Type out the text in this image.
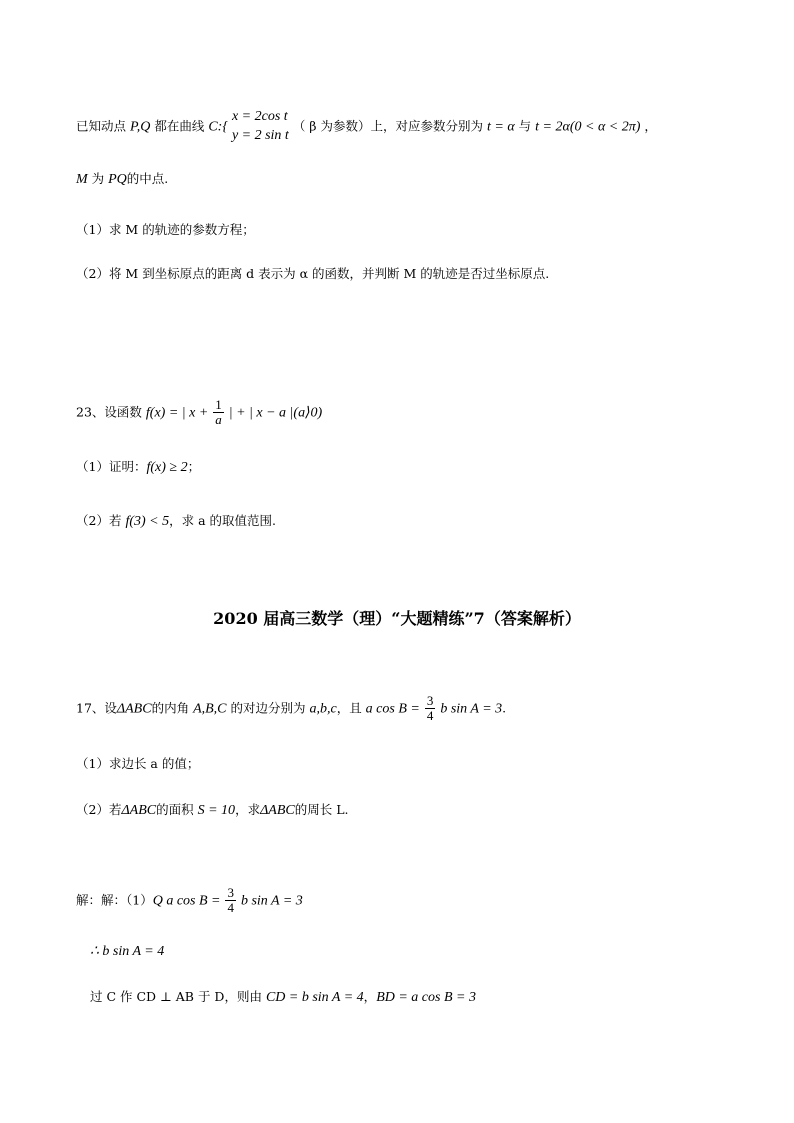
已知动点 P,Q 都在曲线 C:{
x = 2cos t
y = 2 sin t
（ β 为参数）上，对应参数分别为 t = α 与 t = 2α(0 < α < 2π) ，
M 为 PQ的中点.
（1）求 M 的轨迹的参数方程；
（2）将 M 到坐标原点的距离 d 表示为 α 的函数，并判断 M 的轨迹是否过坐标原点.
23、设函数 f(x) = | $x + \frac{1}{a}$ | + | x − a |(a⟩0)
（1）证明：f(x) ≥ 2；
（2）若 f(3) < 5，求 a 的取值范围.
2020 届高三数学（理）“大题精练”7（答案解析）
17、设ΔABC的内角 A,B,C 的对边分别为 a,b,c，且 a $\cos B = \frac{3}{4}$ b sin A = 3.
（1）求边长 a 的值；
（2）若ΔABC的面积 S = 10，求ΔABC的周长 L.
解：解：（1）Q a $\cos B = \frac{3}{4}$ b sin A = 3
∴ b sin A = 4
过 C 作 CD ⊥ AB 于 D，则由 CD = b sin A = 4，BD = a cos B = 3
